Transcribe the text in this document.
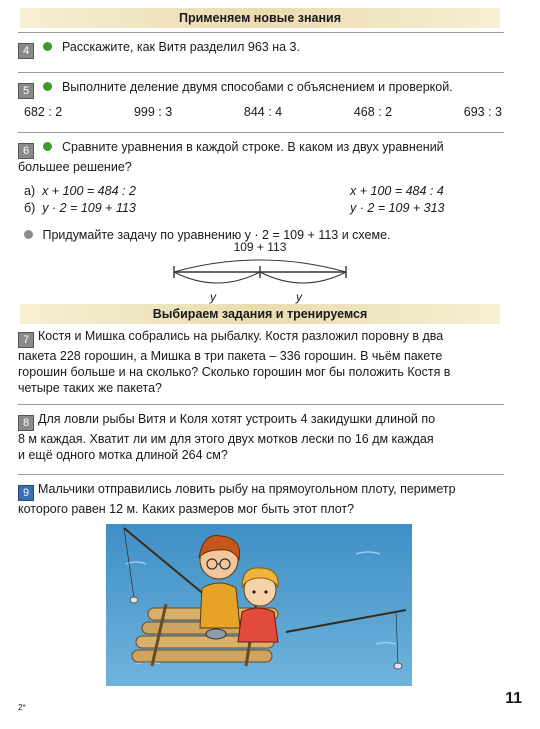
Применяем новые знания
4	Расскажите, как Витя разделил 963 на 3.
5	Выполните деление двумя способами с объяснением и проверкой.
682 : 2	999 : 3	844 : 4	468 : 2	693 : 3
6	Сравните уравнения в каждой строке. В каком из двух уравнений
большее решение?
а) x + 100 = 484 : 2	x + 100 = 484 : 4
б) y · 2 = 109 + 113	y · 2 = 109 + 313
Придумайте задачу по уравнению y · 2 = 109 + 113 и схеме.
109 + 113
y	y
Выбираем задания и тренируемся
7 Костя и Мишка собрались на рыбалку. Костя разложил поровну в два
пакета 228 горошин, а Мишка в три пакета – 336 горошин. В чьём пакете
горошин больше и на сколько? Сколько горошин мог бы положить Костя в
четыре таких же пакета?
8 Для ловли рыбы Витя и Коля хотят устроить 4 закидушки длиной по
8 м каждая. Хватит ли им для этого двух мотков лески по 16 дм каждая
и ещё одного мотка длиной 264 см?
9 Мальчики отправились ловить рыбу на прямоугольном плоту, периметр
которого равен 12 м. Каких размеров мог быть этот плот?
2*
11
